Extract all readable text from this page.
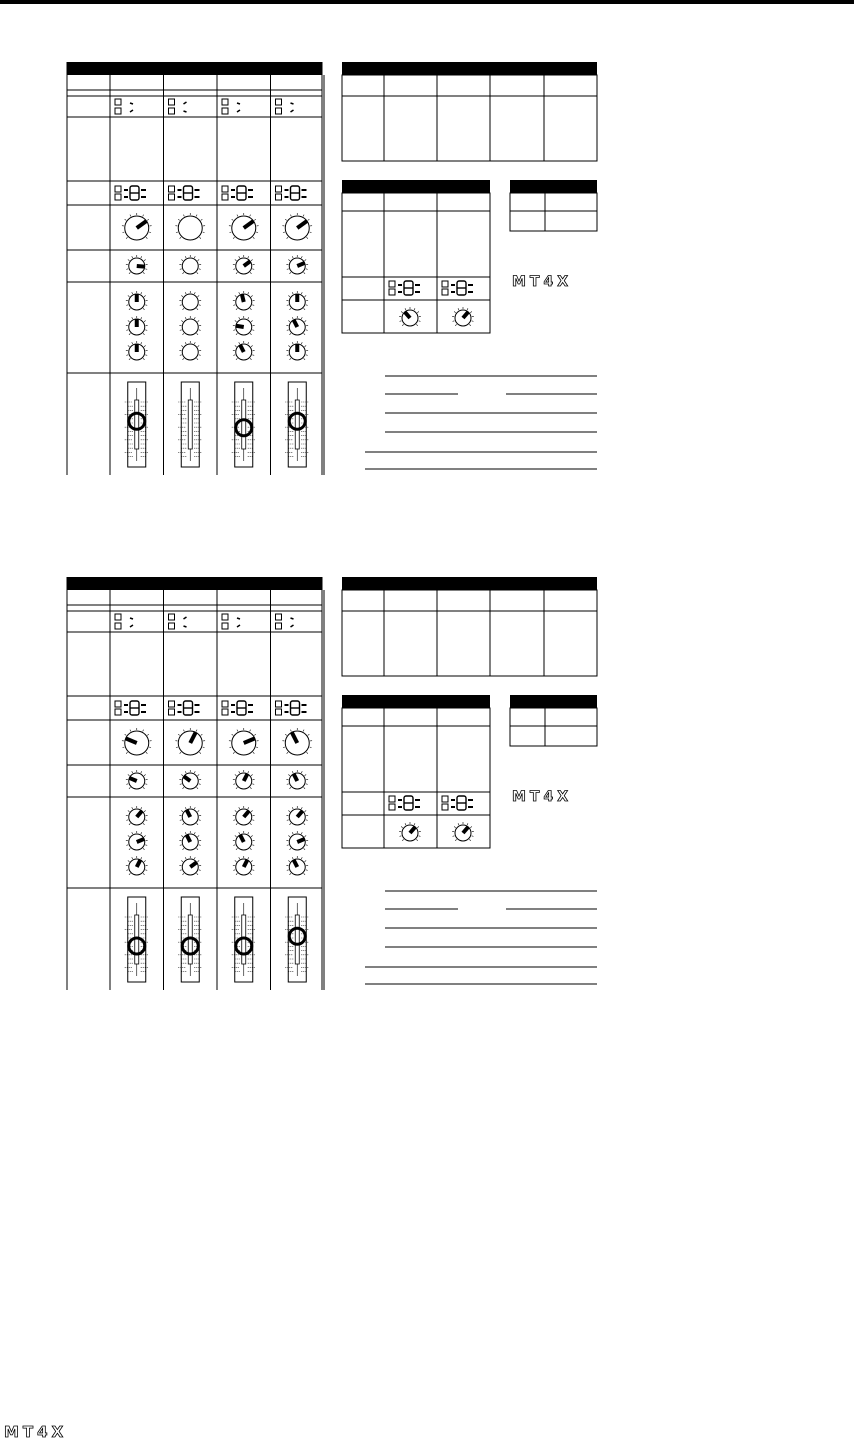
MT4X
MT4X
MT4X
